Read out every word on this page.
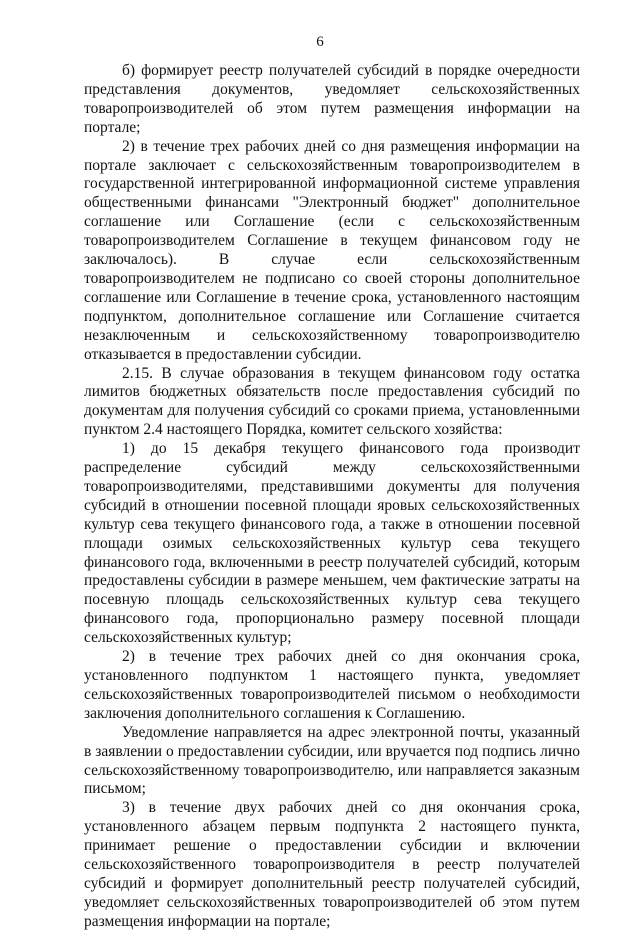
6

б) формирует реестр получателей субсидий в порядке очередности представления документов, уведомляет сельскохозяйственных товаропроизводителей об этом путем размещения информации на портале;

2) в течение трех рабочих дней со дня размещения информации на портале заключает с сельскохозяйственным товаропроизводителем в государственной интегрированной информационной системе управления общественными финансами "Электронный бюджет" дополнительное соглашение или Соглашение (если с сельскохозяйственным товаропроизводителем Соглашение в текущем финансовом году не заключалось). В случае если сельскохозяйственным товаропроизводителем не подписано со своей стороны дополнительное соглашение или Соглашение в течение срока, установленного настоящим подпунктом, дополнительное соглашение или Соглашение считается незаключенным и сельскохозяйственному товаропроизводителю отказывается в предоставлении субсидии.

2.15. В случае образования в текущем финансовом году остатка лимитов бюджетных обязательств после предоставления субсидий по документам для получения субсидий со сроками приема, установленными пунктом 2.4 настоящего Порядка, комитет сельского хозяйства:

1) до 15 декабря текущего финансового года производит распределение субсидий между сельскохозяйственными товаропроизводителями, представившими документы для получения субсидий в отношении посевной площади яровых сельскохозяйственных культур сева текущего финансового года, а также в отношении посевной площади озимых сельскохозяйственных культур сева текущего финансового года, включенными в реестр получателей субсидий, которым предоставлены субсидии в размере меньшем, чем фактические затраты на посевную площадь сельскохозяйственных культур сева текущего финансового года, пропорционально размеру посевной площади сельскохозяйственных культур;

2) в течение трех рабочих дней со дня окончания срока, установленного подпунктом 1 настоящего пункта, уведомляет сельскохозяйственных товаропроизводителей письмом о необходимости заключения дополнительного соглашения к Соглашению.

Уведомление направляется на адрес электронной почты, указанный в заявлении о предоставлении субсидии, или вручается под подпись лично сельскохозяйственному товаропроизводителю, или направляется заказным письмом;

3) в течение двух рабочих дней со дня окончания срока, установленного абзацем первым подпункта 2 настоящего пункта, принимает решение о предоставлении субсидии и включении сельскохозяйственного товаропроизводителя в реестр получателей субсидий и формирует дополнительный реестр получателей субсидий, уведомляет сельскохозяйственных товаропроизводителей об этом путем размещения информации на портале;
